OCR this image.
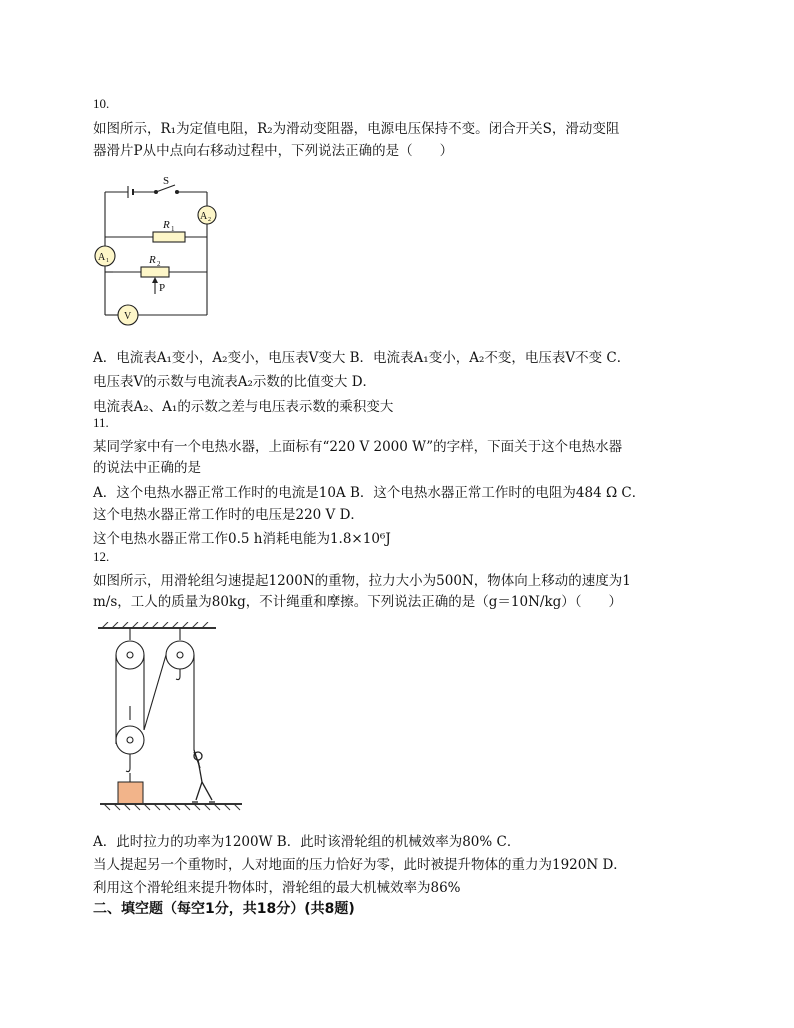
10.
如图所示，R₁为定值电阻，R₂为滑动变阻器，电源电压保持不变。闭合开关S，滑动变阻
器滑片P从中点向右移动过程中，下列说法正确的是（　　）
S
R 1
R 2
P
A 2
A 1
V
A．电流表A₁变小，A₂变小，电压表V变大 B．电流表A₁变小，A₂不变，电压表V不变 C．
电压表V的示数与电流表A₂示数的比值变大 D．
电流表A₂、A₁的示数之差与电压表示数的乘积变大
11.
某同学家中有一个电热水器，上面标有“220 V 2000 W”的字样，下面关于这个电热水器
的说法中正确的是
A．这个电热水器正常工作时的电流是10A B．这个电热水器正常工作时的电阻为484 Ω C．
这个电热水器正常工作时的电压是220 V D．
这个电热水器正常工作0.5 h消耗电能为1.8×10⁶J
12.
如图所示，用滑轮组匀速提起1200N的重物，拉力大小为500N，物体向上移动的速度为1
m/s，工人的质量为80kg，不计绳重和摩擦。下列说法正确的是（g＝10N/kg）（　　）
A．此时拉力的功率为1200W B．此时该滑轮组的机械效率为80% C．
当人提起另一个重物时，人对地面的压力恰好为零，此时被提升物体的重力为1920N D．
利用这个滑轮组来提升物体时，滑轮组的最大机械效率为86%
二、填空题（每空1分，共18分）(共8题)
